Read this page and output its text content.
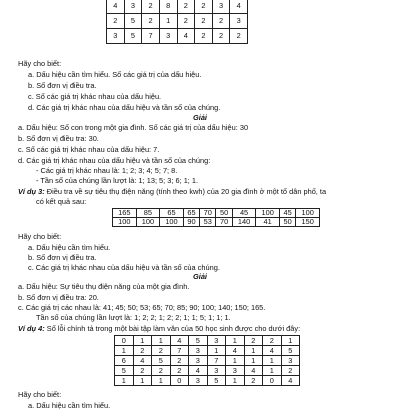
4	3	2	8	2	2	3	4
2	5	2	1	2	2	2	3
3	5	7	3	4	2	2	2
Hãy cho biết:
a. Dấu hiệu cần tìm hiểu. Số các giá trị của dấu hiệu.
b. Số đơn vị điều tra.
c. Số các giá trị khác nhau của dấu hiệu.
d. Các giá trị khác nhau của dấu hiệu và tần số của chúng.
Giải
a. Dấu hiệu: Số con trong một gia đình. Số các giá trị của dấu hiệu: 30
b. Số đơn vị điều tra: 30.
c. Số các giá trị khác nhau của dấu hiệu: 7.
d. Các giá trị khác nhau của dấu hiệu và tần số của chúng:
- Các giá trị khác nhau là: 1; 2; 3; 4; 5; 7; 8.
- Tần số của chúng lần lượt là: 1; 13; 5; 3; 6; 1; 1.
Ví dụ 3: Điều tra về sự tiêu thụ điện năng (tính theo kwh) của 20 gia đình ở một tổ dân phố, ta
có kết quả sau:
165	85	65	65	70	50	45	100	45	100
100	100	100	90	53	70	140	41	50	150
Hãy cho biết:
a. Dấu hiệu cần tìm hiểu.
b. Số đơn vị điều tra.
c. Các giá trị khác nhau của dấu hiệu và tần số của chúng.
Giải
a. Dấu hiệu: Sự tiêu thụ điện năng của một gia đình.
b. Số đơn vị điều tra: 20.
c. Các giá trị các nhau là: 41; 45; 50; 53; 65; 70; 85; 90; 100; 140; 150; 165.
Tần số của chúng lần lượt là: 1; 2; 2; 1; 2; 2; 1; 1; 5; 1; 1; 1.
Ví dụ 4: Số lỗi chính tả trong một bài tập làm văn của 50 học sinh được cho dưới đây:
0	1	1	4	5	3	1	2	2	1
1	2	2	7	3	1	4	1	4	5
6	4	5	2	3	7	1	1	1	3
5	2	2	2	4	3	3	4	1	2
1	1	1	0	3	5	1	2	0	4
Hãy cho biết:
a. Dấu hiệu cần tìm hiểu.
